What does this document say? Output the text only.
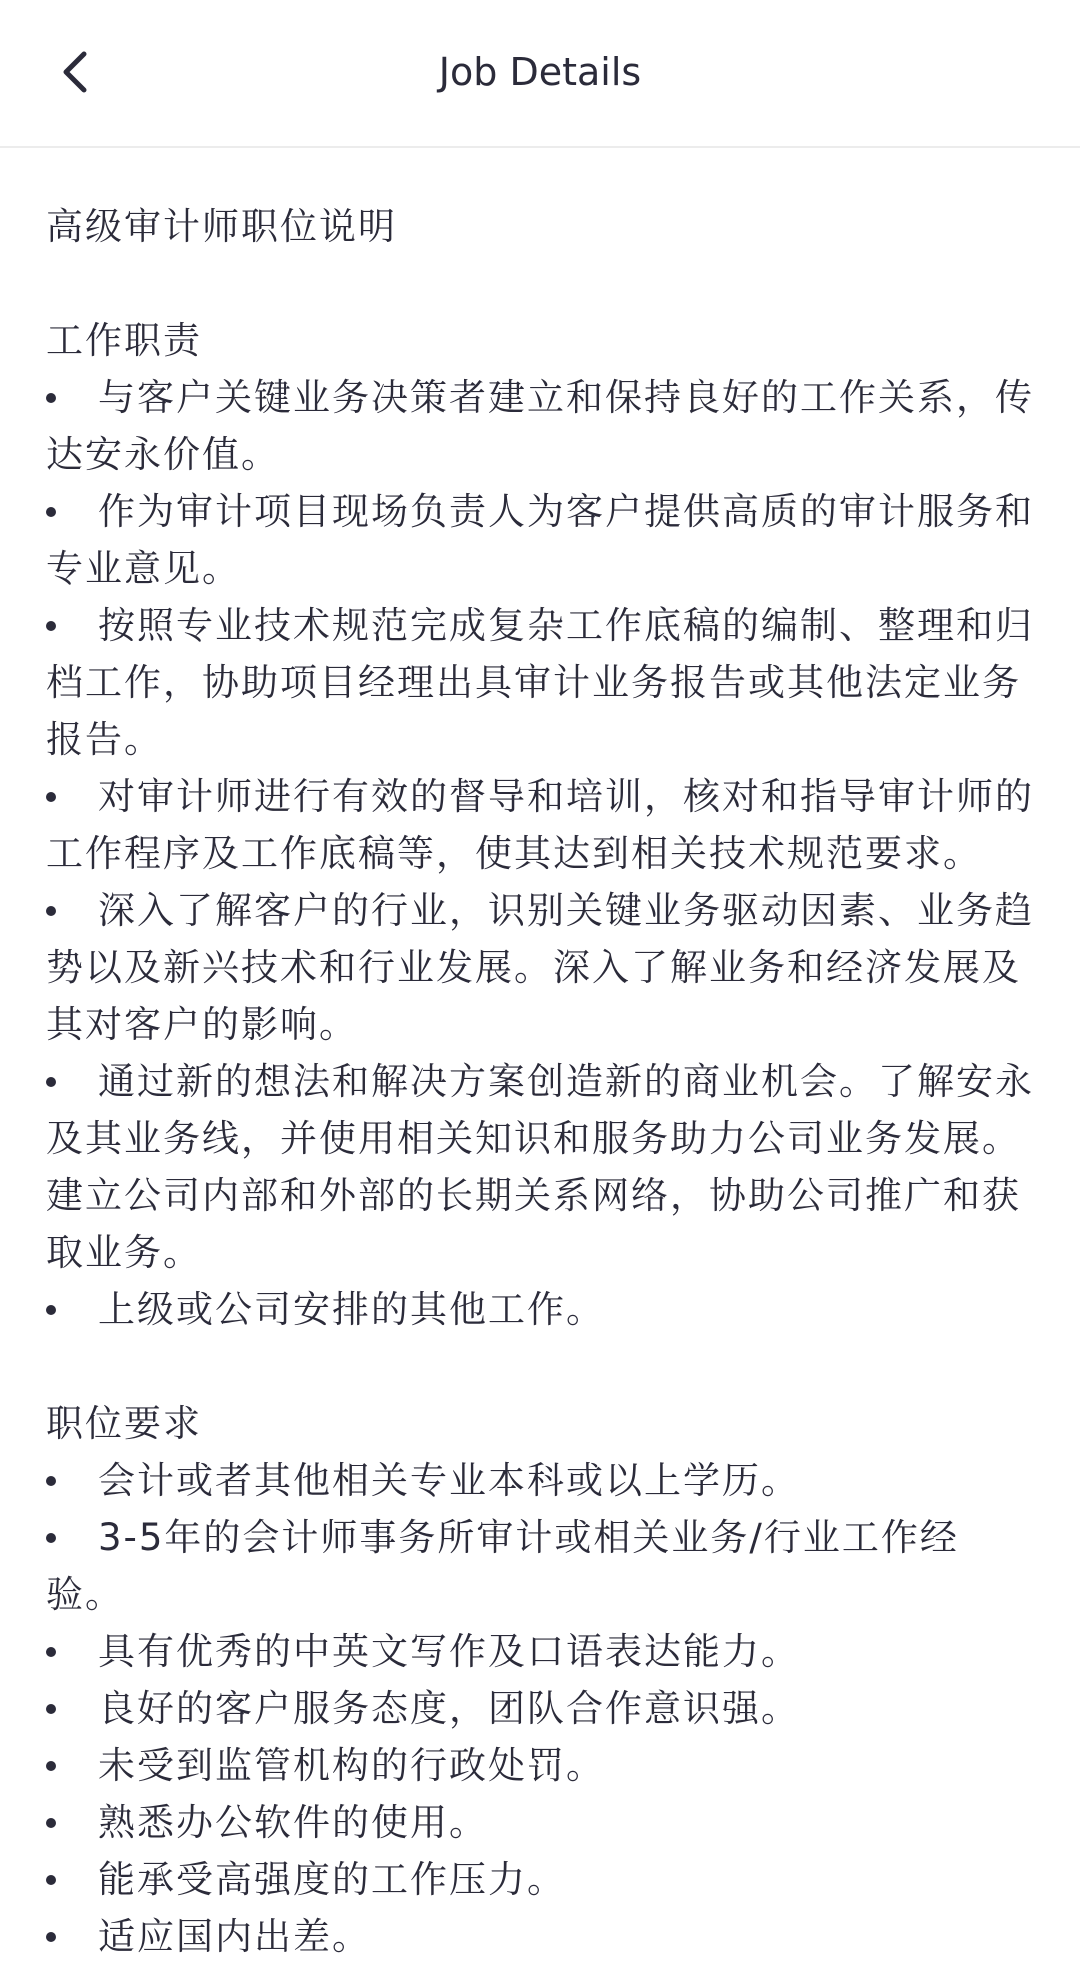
Job Details
高级审计师职位说明
工作职责
与客户关键业务决策者建立和保持良好的工作关系，传达安永价值。
作为审计项目现场负责人为客户提供高质的审计服务和专业意见。
按照专业技术规范完成复杂工作底稿的编制、整理和归档工作，协助项目经理出具审计业务报告或其他法定业务报告。
对审计师进行有效的督导和培训，核对和指导审计师的工作程序及工作底稿等，使其达到相关技术规范要求。
深入了解客户的行业，识别关键业务驱动因素、业务趋势以及新兴技术和行业发展。深入了解业务和经济发展及其对客户的影响。
通过新的想法和解决方案创造新的商业机会。了解安永及其业务线，并使用相关知识和服务助力公司业务发展。建立公司内部和外部的长期关系网络，协助公司推广和获取业务。
上级或公司安排的其他工作。
职位要求
会计或者其他相关专业本科或以上学历。
3-5年的会计师事务所审计或相关业务/行业工作经验。
具有优秀的中英文写作及口语表达能力。
良好的客户服务态度，团队合作意识强。
未受到监管机构的行政处罚。
熟悉办公软件的使用。
能承受高强度的工作压力。
适应国内出差。
